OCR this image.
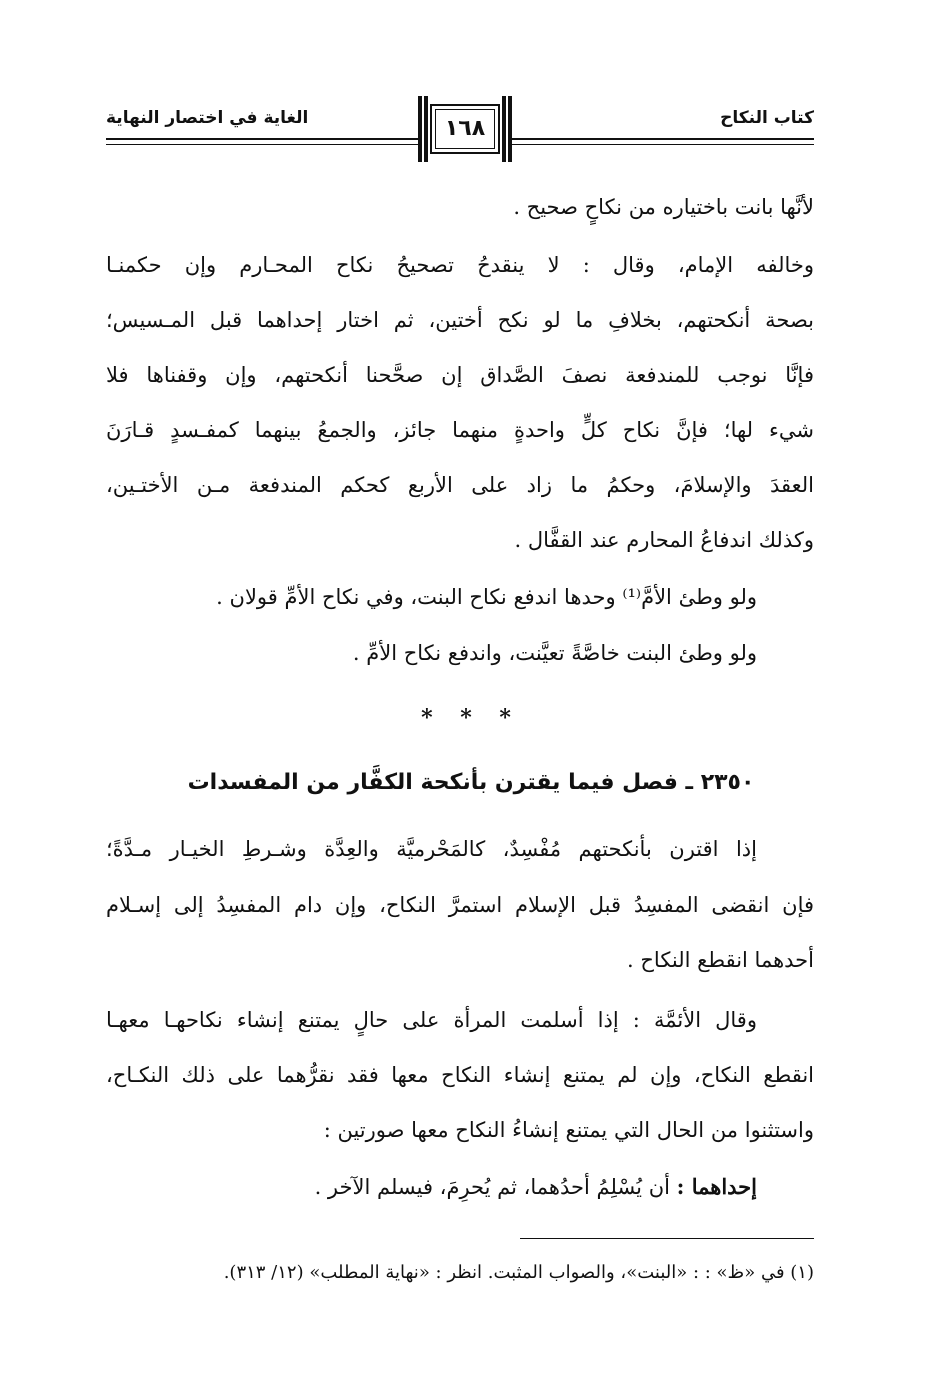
كتاب النكاح
الغاية في اختصار النهاية	١٦٨
لأنَّها بانت باختياره من نكاحٍ صحيح .
وخالفه الإمام، وقال : لا ينقدحُ تصحيحُ نكاح المحـارم وإن حكمنـا
بصحة أنكحتهم، بخلافِ ما لو نكح أختين، ثم اختار إحداهما قبل المـسيس؛
فإنَّا نوجب للمندفعة نصفَ الصَّداق إن صحَّحنا أنكحتهم، وإن وقفناها فلا
شيء لها؛ فإنَّ نكاح كلٍّ واحدةٍ منهما جائز، والجمعُ بينهما كمفـسدٍ قـارَنَ
العقدَ والإسلامَ، وحكمُ ما زاد على الأربع كحكم المندفعة مـن الأختـين،
وكذلك اندفاعُ المحارم عند القفَّال .
ولو وطئ الأمَّ⁽¹⁾ وحدها اندفع نكاح البنت، وفي نكاح الأمِّ قولان .
ولو وطئ البنت خاصَّةً تعيَّنت، واندفع نكاح الأمِّ .
* * *
٢٣٥٠ ـ فصل فيما يقترن بأنكحة الكفَّار من المفسدات
إذا اقترن بأنكحتهم مُفْسِدٌ، كالمَحْرميَّة والعِدَّة وشـرطِ الخيـار مـدَّةً؛
فإن انقضى المفسِدُ قبل الإسلام استمرَّ النكاح، وإن دام المفسِدُ إلى إسـلام
أحدهما انقطع النكاح .
وقال الأئمَّة : إذا أسلمت المرأة على حالٍ يمتنع إنشاء نكاحهـا معهـا
انقطع النكاح، وإن لم يمتنع إنشاء النكاح معها فقد نقرُّهما على ذلك النكـاح،
واستثنوا من الحال التي يمتنع إنشاءُ النكاح معها صورتين :
إحداهما : أن يُسْلِمُ أحدُهما، ثم يُحرِمَ، فيسلم الآخر .
(١) في «ظ» : : «البنت»، والصواب المثبت. انظر : «نهاية المطلب» (١٢/ ٣١٣).
